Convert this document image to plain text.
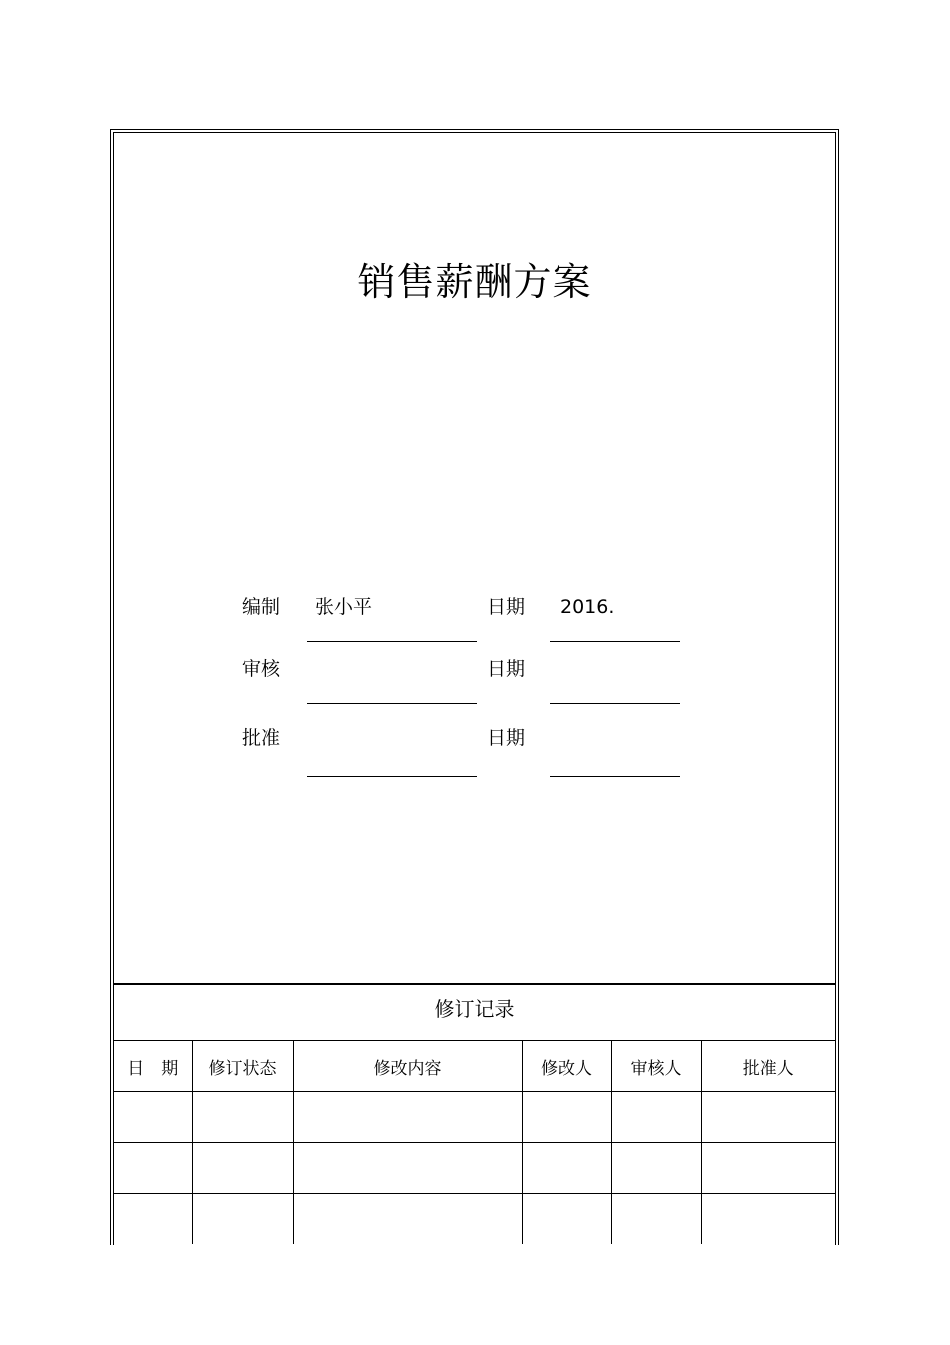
销售薪酬方案
编制 张小平	日期 2016.
审核	日期
批准	日期
修订记录
日　期	修订状态	修改内容	修改人	审核人	批准人
